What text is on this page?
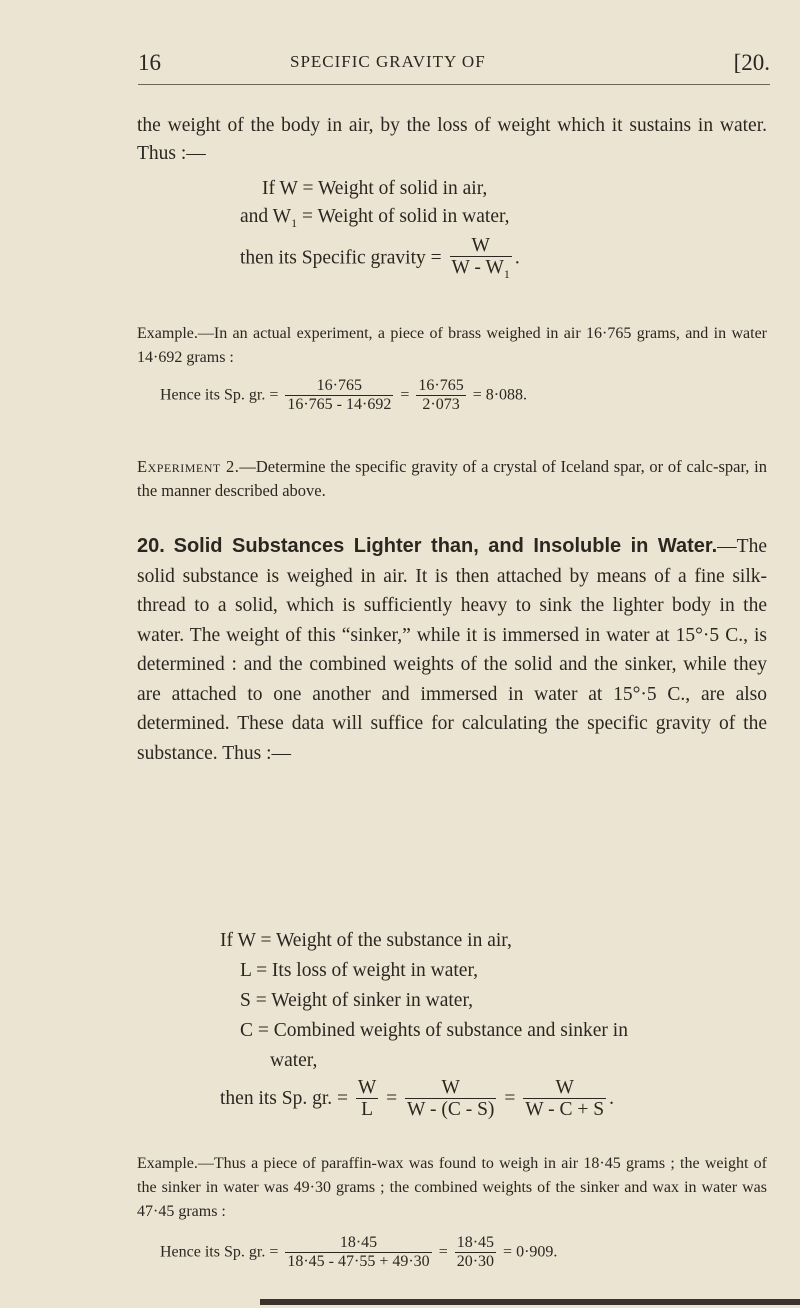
16	SPECIFIC GRAVITY OF	[20.
the weight of the body in air, by the loss of weight which it sustains in water. Thus :—
If W = Weight of solid in air,
and $W_1$ = Weight of solid in water,
then its Specific gravity = $\frac{W}{W - W_1}$ .
Example.—In an actual experiment, a piece of brass weighed in air 16·765 grams, and in water 14·692 grams :
Hence its Sp. gr. = $\frac{16\cdot 765}{16\cdot 765 - 14\cdot 692} = \frac{16\cdot 765}{2\cdot 073} = 8\cdot 088$.
Experiment 2.—Determine the specific gravity of a crystal of Iceland spar, or of calc-spar, in the manner described above.
20. Solid Substances Lighter than, and Insoluble in Water.—The solid substance is weighed in air. It is then attached by means of a fine silk-thread to a solid, which is sufficiently heavy to sink the lighter body in the water. The weight of this “sinker,” while it is immersed in water at 15°·5 C., is determined : and the combined weights of the solid and the sinker, while they are attached to one another and immersed in water at 15°·5 C., are also determined. These data will suffice for calculating the specific gravity of the substance. Thus :—
If W = Weight of the substance in air,
L = Its loss of weight in water,
S = Weight of sinker in water,
C = Combined weights of substance and sinker in
water,
then its Sp. gr. = $\frac{W}{L} = \frac{W}{W - (C - S)} = \frac{W}{W - C + S}$ .
Example.—Thus a piece of paraffin-wax was found to weigh in air 18·45 grams ; the weight of the sinker in water was 49·30 grams ; the combined weights of the sinker and wax in water was 47·45 grams :
Hence its Sp. gr. = $\frac{18\cdot 45}{18\cdot 45 - 47\cdot 55 + 49\cdot 30} = \frac{18\cdot 45}{20\cdot 30} = 0\cdot 909$.
